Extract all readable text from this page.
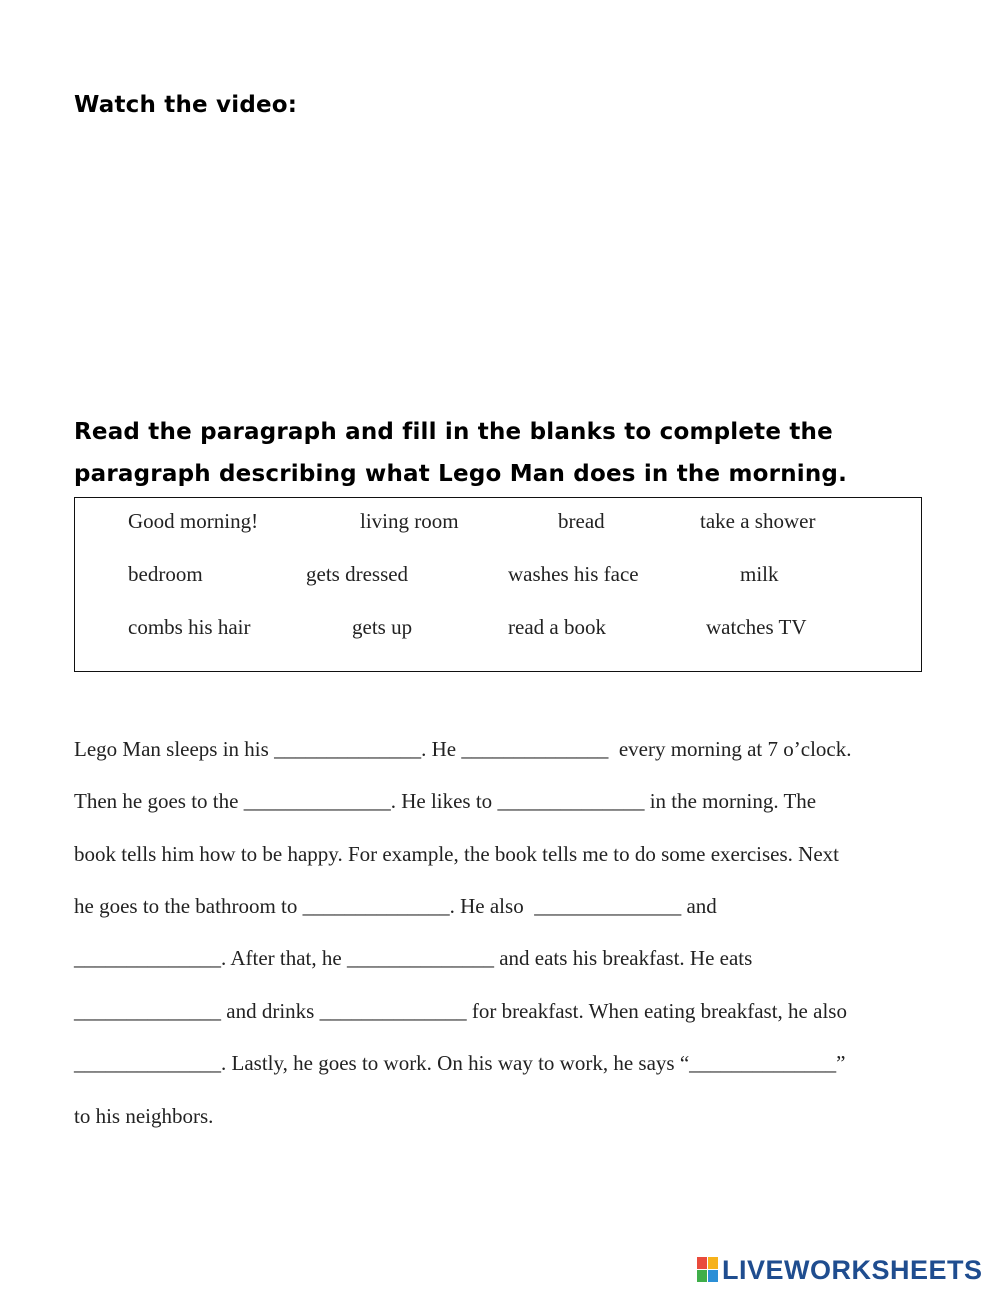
Watch the video:
Read the paragraph and fill in the blanks to complete the
paragraph describing what Lego Man does in the morning.
Good morning!	living room	bread	take a shower
bedroom	gets dressed	washes his face	milk
combs his hair	gets up	read a book	watches TV
Lego Man sleeps in his ______________. He ______________  every morning at 7 o’clock.
Then he goes to the ______________. He likes to ______________ in the morning. The
book tells him how to be happy. For example, the book tells me to do some exercises. Next
he goes to the bathroom to ______________. He also  ______________ and
______________. After that, he ______________ and eats his breakfast. He eats
______________ and drinks ______________ for breakfast. When eating breakfast, he also
______________. Lastly, he goes to work. On his way to work, he says “______________”
to his neighbors.
LIVEWORKSHEETS
